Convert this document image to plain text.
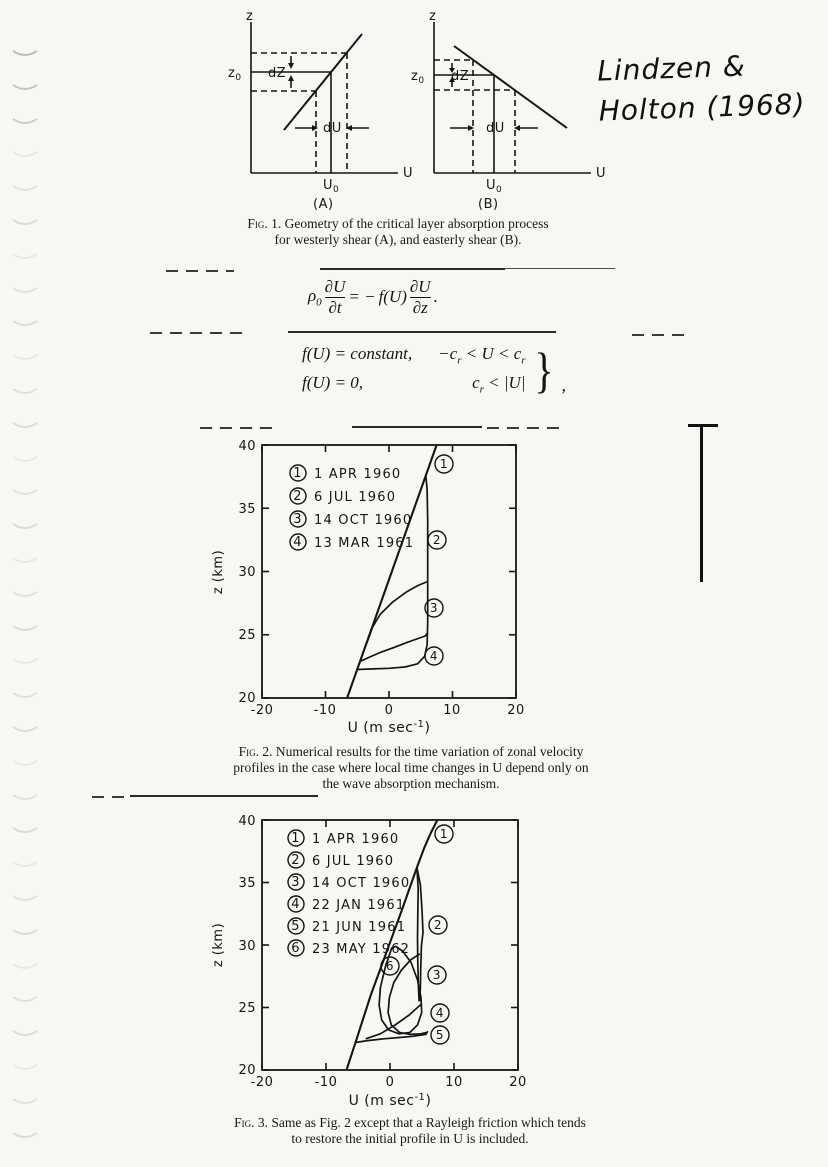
z
U
$z_0$ dZ
dU
$U_0$
(A)
z
U
$z_0$ dZ
dU
$U_0$
(B)
Fig. 1. Geometry of the critical layer absorption process
for westerly shear (A), and easterly shear (B).
Lindzen &
Holton (1968)
$\rho_0 \frac{\partial U}{\partial t}$ = − $f(U) \frac{\partial U}{\partial z}$ .
f(U) = constant, $-c_r < U < c_r$
f(U) = 0,	$c_r < |U|$ } ,
40
35
30
25
20
-20	-10	0	10	20
z (km)
U (m $\sec^{-1}$)
1 1 APR 1960
2 6 JUL 1960
3 14 OCT 1960
4 13 MAR 1961
1
2
3
4
Fig. 2. Numerical results for the time variation of zonal velocity
profiles in the case where local time changes in U depend only on
the wave absorption mechanism.
40
35
30
25
20
-20	-10	0	10	20
z (km)
U (m $\sec^{-1}$)
1 1 APR 1960
2 6 JUL 1960
3 14 OCT 1960
4 22 JAN 1961
5 21 JUN 1961
6 23 MAY 1962
1
2
6
3
4
5
Fig. 3. Same as Fig. 2 except that a Rayleigh friction which tends
to restore the initial profile in U is included.
